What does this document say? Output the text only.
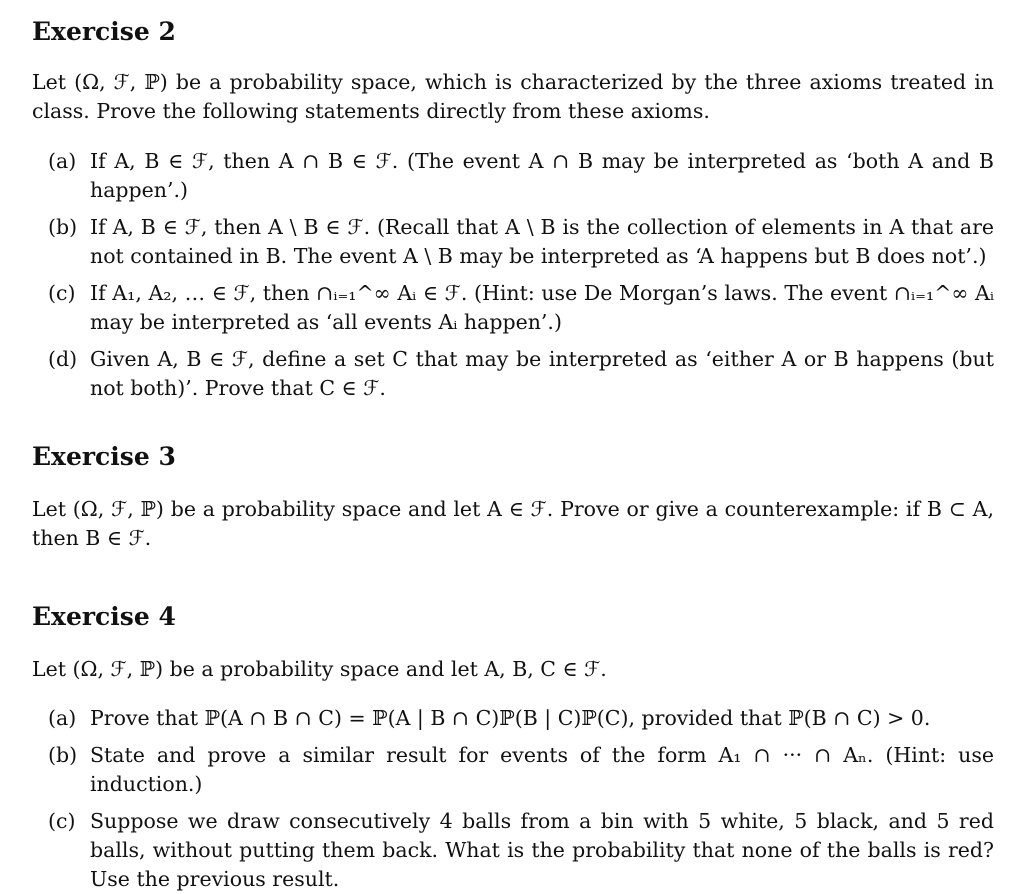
Exercise 2

Let (Ω, ℱ, ℙ) be a probability space, which is characterized by the three axioms treated in class. Prove the following statements directly from these axioms.

(a) If A, B ∈ ℱ, then A ∩ B ∈ ℱ. (The event A ∩ B may be interpreted as ‘both A and B happen’.)
(b) If A, B ∈ ℱ, then A \ B ∈ ℱ. (Recall that A \ B is the collection of elements in A that are not contained in B. The event A \ B may be interpreted as ‘A happens but B does not’.)
(c) If A₁, A₂, … ∈ ℱ, then ∩ᵢ₌₁^∞ Aᵢ ∈ ℱ. (Hint: use De Morgan’s laws. The event ∩ᵢ₌₁^∞ Aᵢ may be interpreted as ‘all events Aᵢ happen’.)
(d) Given A, B ∈ ℱ, define a set C that may be interpreted as ‘either A or B happens (but not both)’. Prove that C ∈ ℱ.
Exercise 3

Let (Ω, ℱ, ℙ) be a probability space and let A ∈ ℱ. Prove or give a counterexample: if B ⊂ A, then B ∈ ℱ.

Exercise 4

Let (Ω, ℱ, ℙ) be a probability space and let A, B, C ∈ ℱ.

(a) Prove that ℙ(A ∩ B ∩ C) = ℙ(A | B ∩ C)ℙ(B | C)ℙ(C), provided that ℙ(B ∩ C) > 0.
(b) State and prove a similar result for events of the form A₁ ∩ ··· ∩ Aₙ. (Hint: use induction.)
(c) Suppose we draw consecutively 4 balls from a bin with 5 white, 5 black, and 5 red balls, without putting them back. What is the probability that none of the balls is red? Use the previous result.
